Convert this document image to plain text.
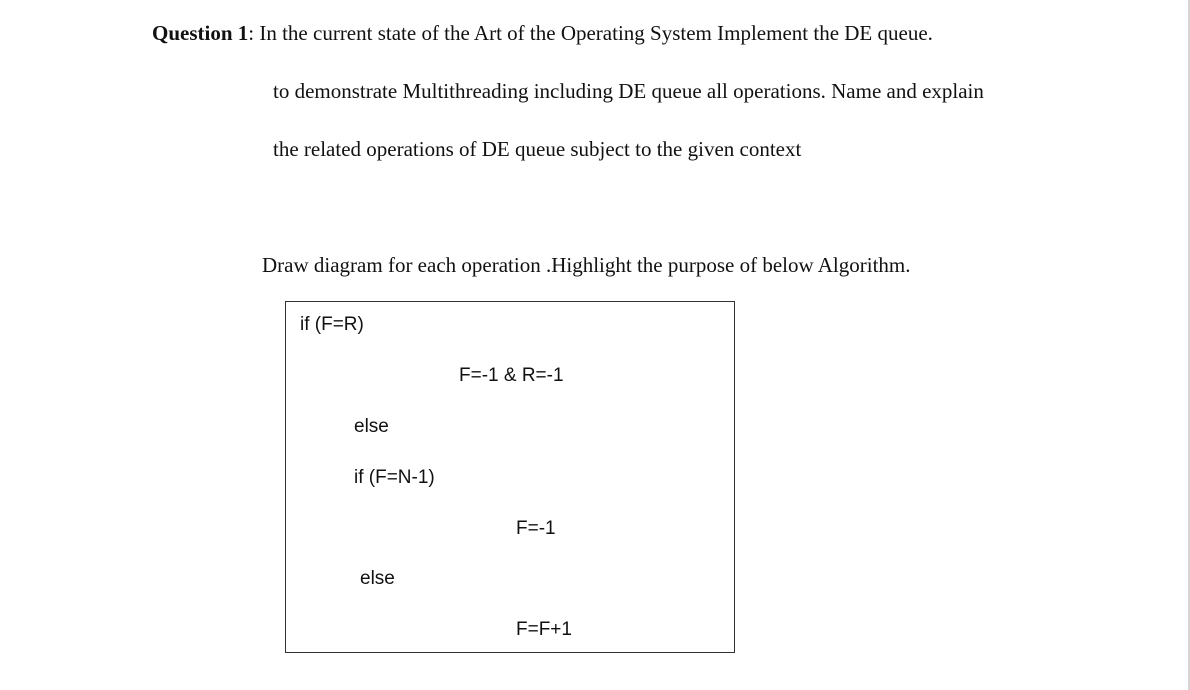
Question 1: In the current state of the Art of the Operating System Implement the DE queue.
to demonstrate Multithreading including DE queue all operations. Name and explain
the related operations of DE queue subject to the given context
Draw diagram for each operation .Highlight the purpose of below Algorithm.
if (F=R)
F=-1 & R=-1
else
if (F=N-1)
F=-1
else
F=F+1
